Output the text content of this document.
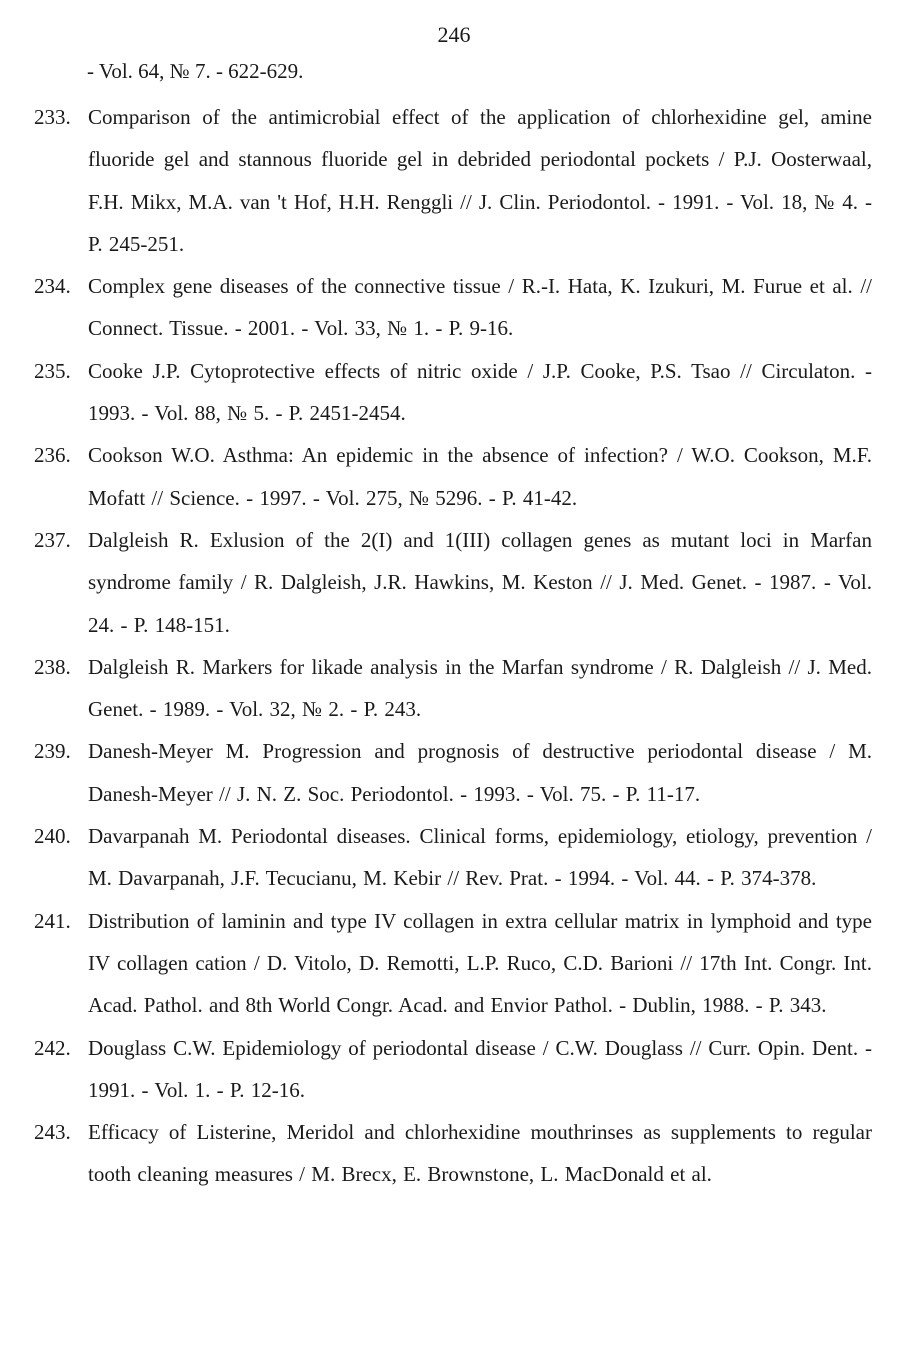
246
- Vol. 64, № 7. - 622-629.
233. Comparison of the antimicrobial effect of the application of chlorhexidine gel, amine fluoride gel and stannous fluoride gel in debrided periodontal pockets / P.J. Oosterwaal, F.H. Mikx, M.A. van 't Hof, H.H. Renggli // J. Clin. Periodontol. - 1991. - Vol. 18, № 4. - P. 245-251.
234. Complex gene diseases of the connective tissue / R.-I. Hata, K. Izukuri, M. Furue et al. // Connect. Tissue. - 2001. - Vol. 33, № 1. - P. 9-16.
235. Cooke J.P. Cytoprotective effects of nitric oxide / J.P. Cooke, P.S. Tsao // Circulaton. - 1993. - Vol. 88, № 5. - P. 2451-2454.
236. Cookson W.O. Asthma: An epidemic in the absence of infection? / W.O. Cookson, M.F. Mofatt // Science. - 1997. - Vol. 275, № 5296. - P. 41-42.
237. Dalgleish R. Exlusion of the 2(I) and 1(III) collagen genes as mutant loci in Marfan syndrome family / R. Dalgleish, J.R. Hawkins, M. Keston // J. Med. Genet. - 1987. - Vol. 24. - P. 148-151.
238. Dalgleish R. Markers for likade analysis in the Marfan syndrome / R. Dalgleish // J. Med. Genet. - 1989. - Vol. 32, № 2. - P. 243.
239. Danesh-Meyer M. Progression and prognosis of destructive periodontal disease / M. Danesh-Meyer // J. N. Z. Soc. Periodontol. - 1993. - Vol. 75. - P. 11-17.
240. Davarpanah M. Periodontal diseases. Clinical forms, epidemiology, etiology, prevention / M. Davarpanah, J.F. Tecucianu, M. Kebir // Rev. Prat. - 1994. - Vol. 44. - P. 374-378.
241. Distribution of laminin and type IV collagen in extra cellular matrix in lymphoid and type IV collagen cation / D. Vitolo, D. Remotti, L.P. Ruco, C.D. Barioni // 17th Int. Congr. Int. Acad. Pathol. and 8th World Congr. Acad. and Envior Pathol. - Dublin, 1988. - P. 343.
242. Douglass C.W. Epidemiology of periodontal disease / C.W. Douglass // Curr. Opin. Dent. - 1991. - Vol. 1. - P. 12-16.
243. Efficacy of Listerine, Meridol and chlorhexidine mouthrinses as supplements to regular tooth cleaning measures / M. Brecx, E. Brownstone, L. MacDonald et al.
